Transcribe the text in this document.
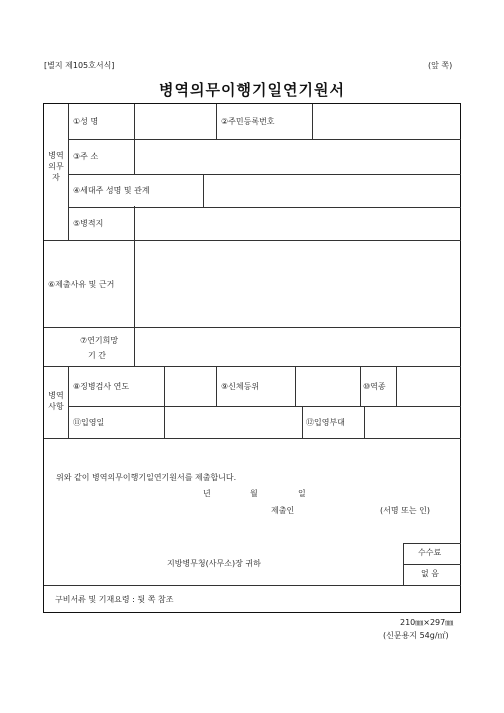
[별지 제105호서식]	(앞 쪽)
병역의무이행기일연기원서
병역
의무
자
①성 명	②주민등록번호
③주 소
④세대주 성명 및 관계
⑤병적지
⑥제출사유 및 근거
⑦연기희망
기 간
병역
사항
⑧징병검사 연도	⑨신체등위	⑩역종
⑪입영일	⑫입영부대
위와 같이 병역의무이행기일연기원서를 제출합니다.
년	월	일
제출인	(서명 또는 인)
지방병무청(사무소)장 귀하
수수료
없 음
구비서류 및 기재요령 : 뒷 쪽 참조
210㎜×297㎜
(신문용지 54g/㎡)
